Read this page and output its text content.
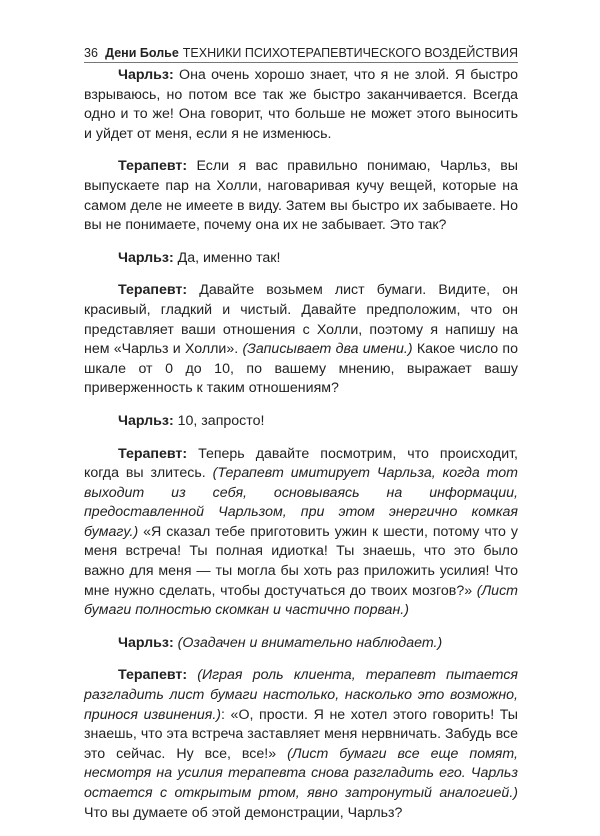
36 Дени Больe ТЕХНИКИ ПСИХОТЕРАПЕВТИЧЕСКОГО ВОЗДЕЙСТВИЯ

Чарльз: Она очень хорошо знает, что я не злой. Я быстро взрываюсь, но потом все так же быстро заканчивается. Всегда одно и то же! Она говорит, что больше не может этого выносить и уйдет от меня, если я не изменюсь.

Терапевт: Если я вас правильно понимаю, Чарльз, вы выпускаете пар на Холли, наговаривая кучу вещей, которые на самом деле не имеете в виду. Затем вы быстро их забываете. Но вы не понимаете, почему она их не забывает. Это так?

Чарльз: Да, именно так!

Терапевт: Давайте возьмем лист бумаги. Видите, он красивый, гладкий и чистый. Давайте предположим, что он представляет ваши отношения с Холли, поэтому я напишу на нем «Чарльз и Холли». (Записывает два имени.) Какое число по шкале от 0 до 10, по вашему мнению, выражает вашу приверженность к таким отношениям?

Чарльз: 10, запросто!

Терапевт: Теперь давайте посмотрим, что происходит, когда вы злитесь. (Терапевт имитирует Чарльза, когда тот выходит из себя, основываясь на информации, предоставленной Чарльзом, при этом энергично комкая бумагу.) «Я сказал тебе приготовить ужин к шести, потому что у меня встреча! Ты полная идиотка! Ты знаешь, что это было важно для меня — ты могла бы хоть раз приложить усилия! Что мне нужно сделать, чтобы достучаться до твоих мозгов?» (Лист бумаги полностью скомкан и частично порван.)

Чарльз: (Озадачен и внимательно наблюдает.)

Терапевт: (Играя роль клиента, терапевт пытается разгладить лист бумаги настолько, насколько это возможно, принося извинения.): «О, прости. Я не хотел этого говорить! Ты знаешь, что эта встреча заставляет меня нервничать. Забудь все это сейчас. Ну все, все!» (Лист бумаги все еще помят, несмотря на усилия терапевта снова разгладить его. Чарльз остается с открытым ртом, явно затронутый аналогией.) Что вы думаете об этой демонстрации, Чарльз?
